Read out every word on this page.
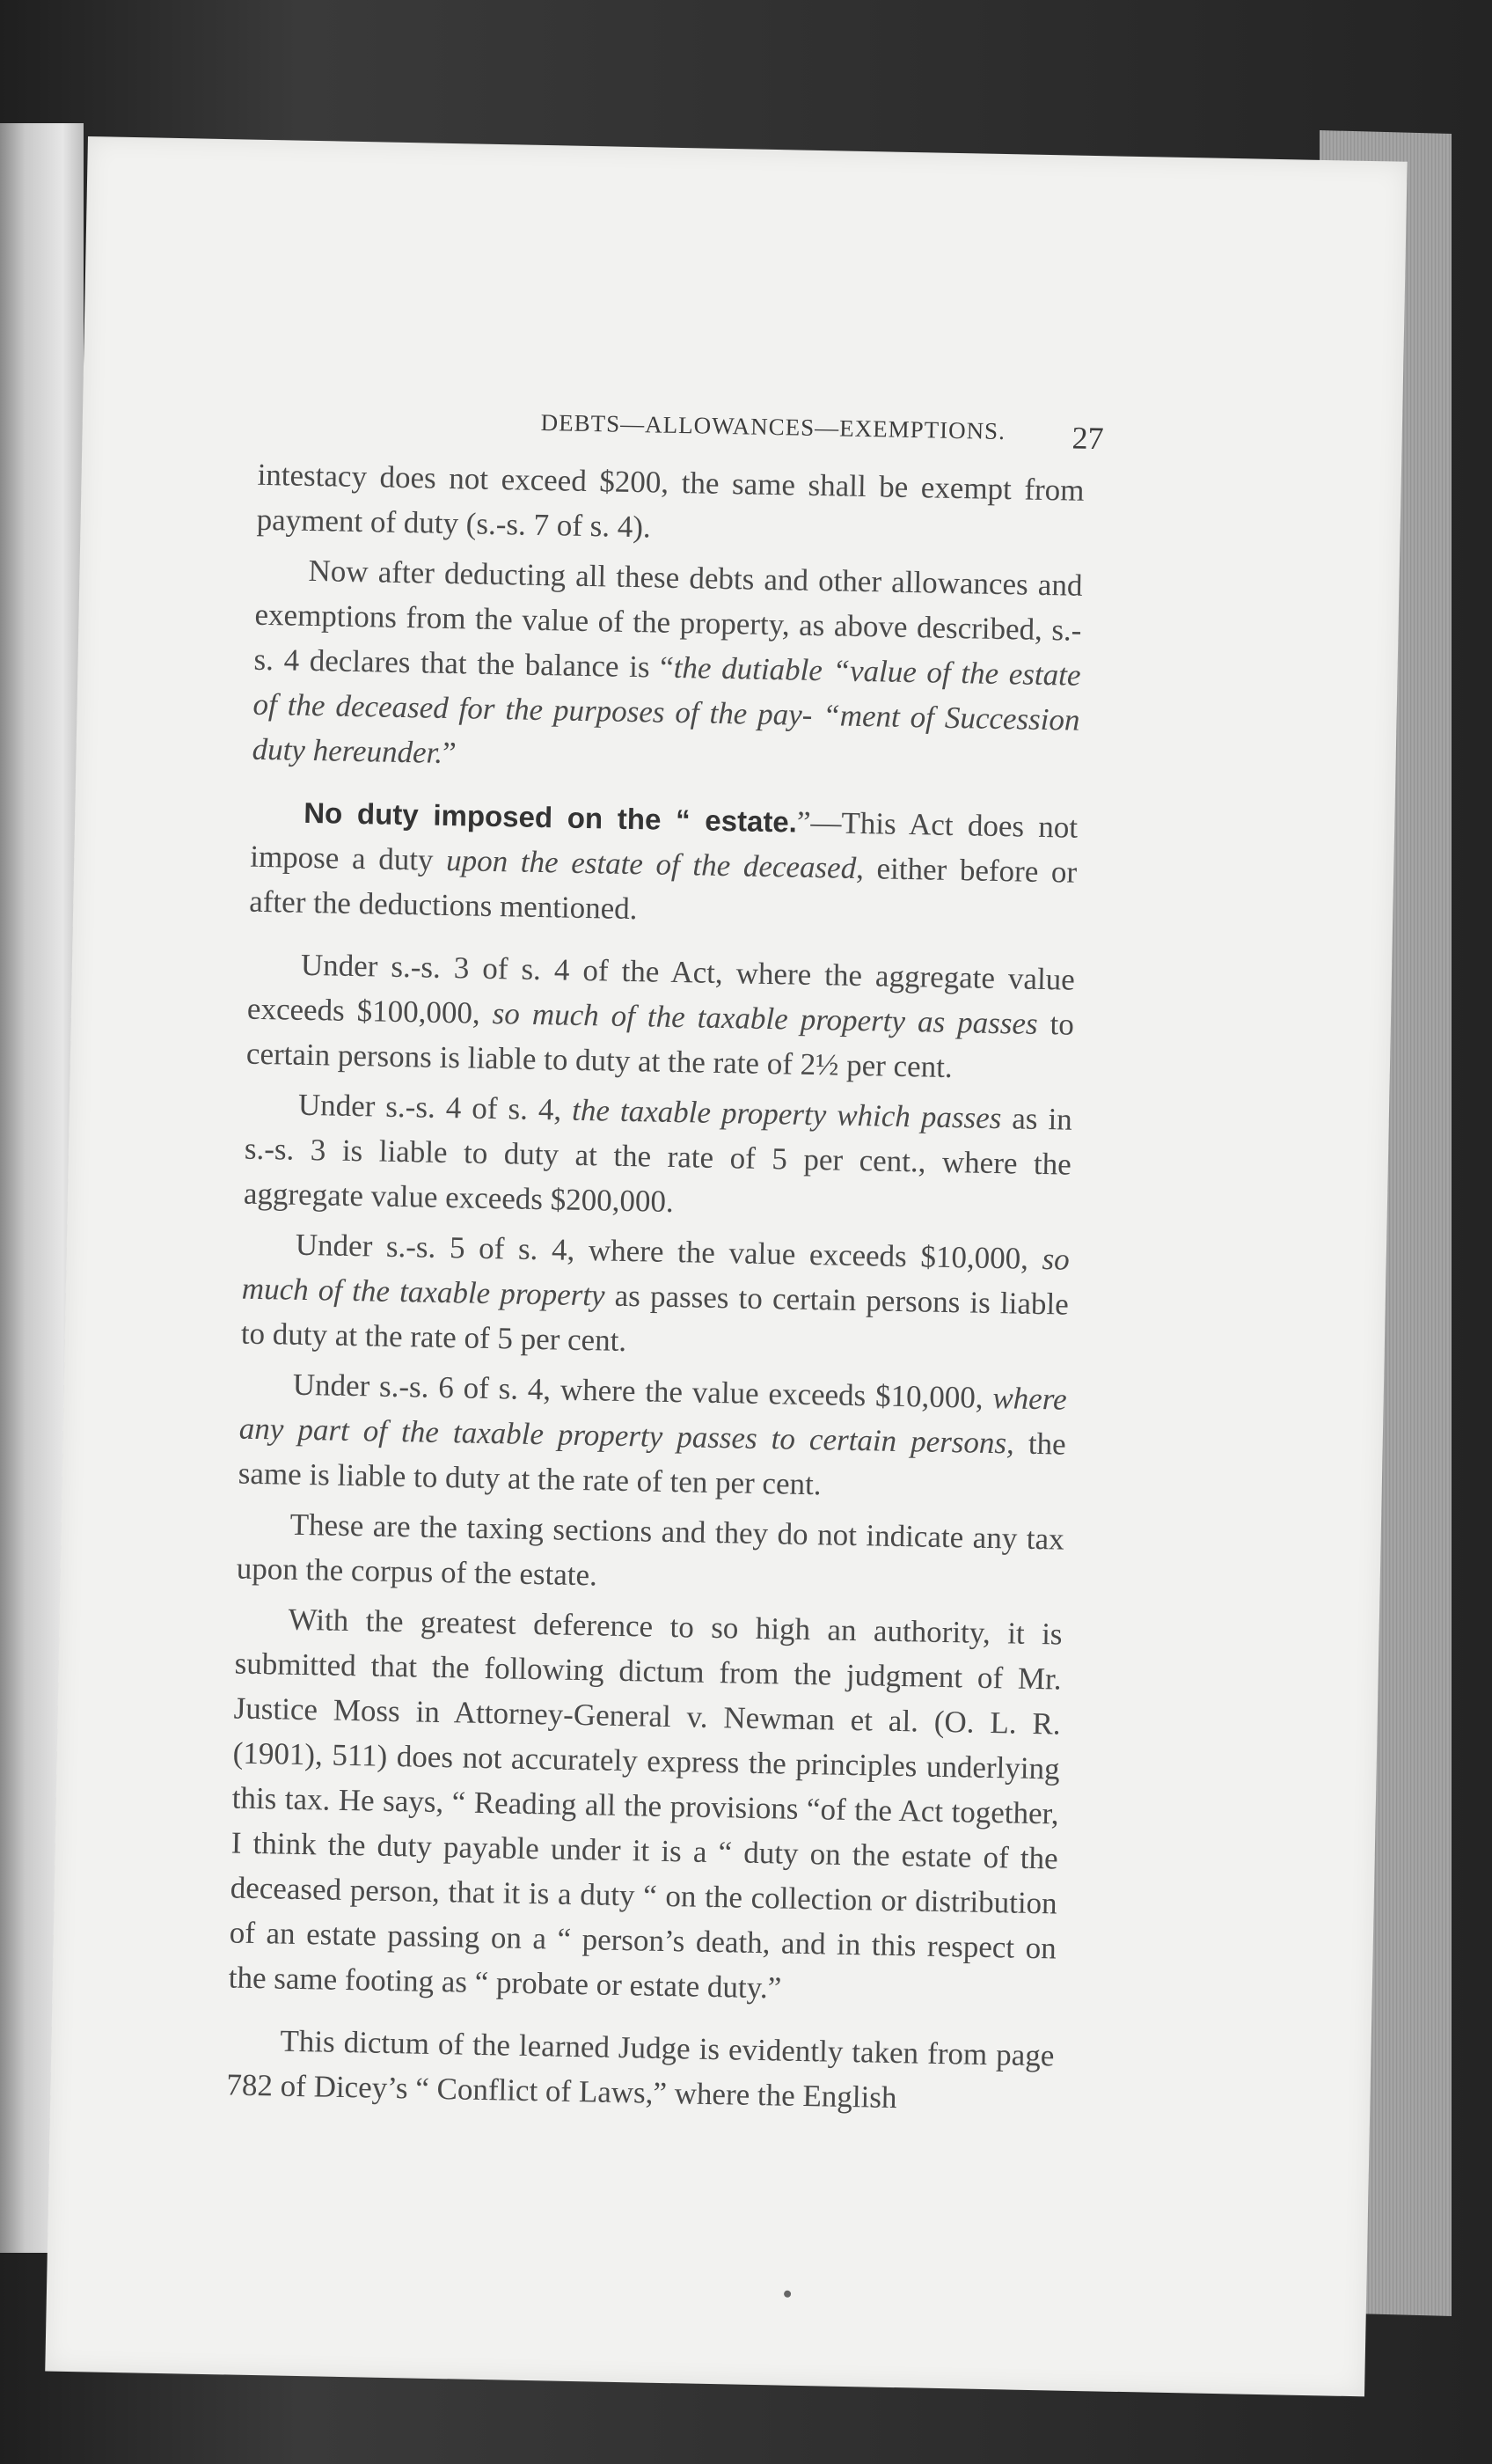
DEBTS—ALLOWANCES—EXEMPTIONS.	27

intestacy does not exceed $200, the same shall be exempt from payment of duty (s.-s. 7 of s. 4).

Now after deducting all these debts and other allowances and exemptions from the value of the property, as above described, s.-s. 4 declares that the balance is “the dutiable “value of the estate of the deceased for the purposes of the pay- “ment of Succession duty hereunder.”

No duty imposed on the “ estate.”—This Act does not impose a duty upon the estate of the deceased, either before or after the deductions mentioned.

Under s.-s. 3 of s. 4 of the Act, where the aggregate value exceeds $100,000, so much of the taxable property as passes to certain persons is liable to duty at the rate of 2½ per cent.

Under s.-s. 4 of s. 4, the taxable property which passes as in s.-s. 3 is liable to duty at the rate of 5 per cent., where the aggregate value exceeds $200,000.

Under s.-s. 5 of s. 4, where the value exceeds $10,000, so much of the taxable property as passes to certain persons is liable to duty at the rate of 5 per cent.

Under s.-s. 6 of s. 4, where the value exceeds $10,000, where any part of the taxable property passes to certain persons, the same is liable to duty at the rate of ten per cent.

These are the taxing sections and they do not indicate any tax upon the corpus of the estate.

With the greatest deference to so high an authority, it is submitted that the following dictum from the judgment of Mr. Justice Moss in Attorney-General v. Newman et al. (O. L. R. (1901), 511) does not accurately express the principles underlying this tax. He says, “ Reading all the provisions “of the Act together, I think the duty payable under it is a “ duty on the estate of the deceased person, that it is a duty “ on the collection or distribution of an estate passing on a “ person’s death, and in this respect on the same footing as “ probate or estate duty.”

This dictum of the learned Judge is evidently taken from page 782 of Dicey’s “ Conflict of Laws,” where the English
